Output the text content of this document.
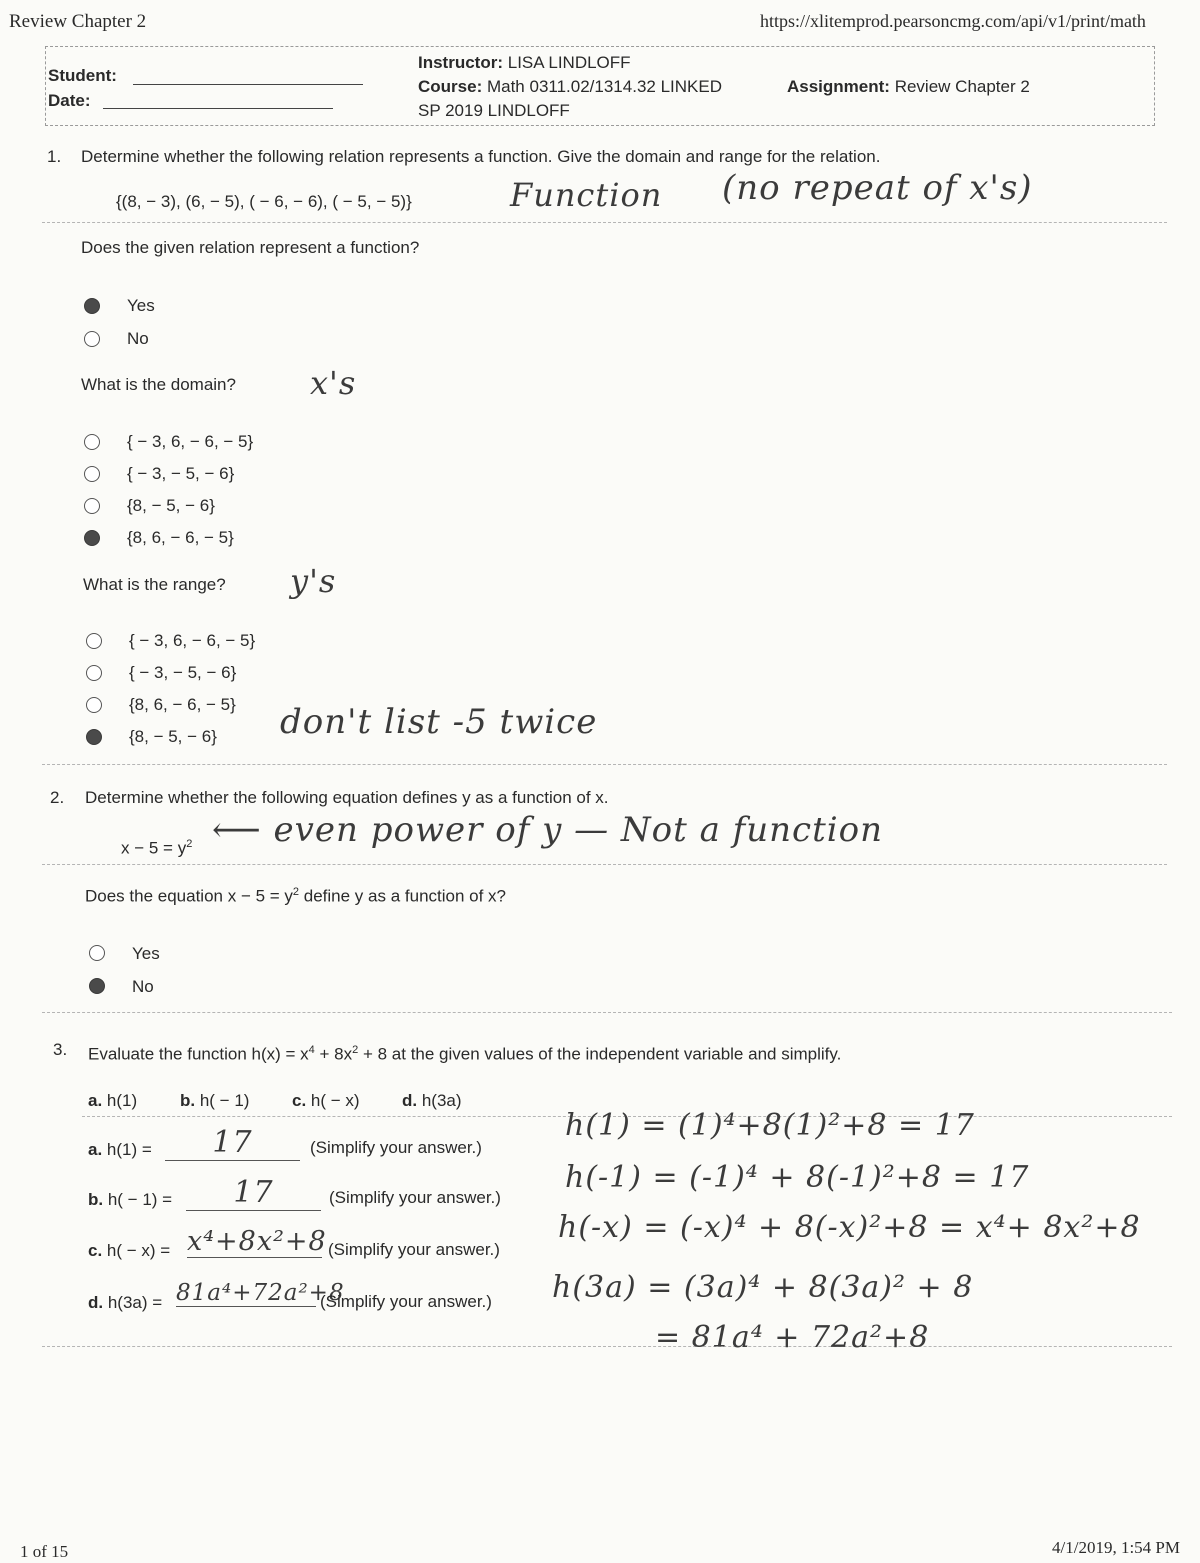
Review Chapter 2	https://xlitemprod.pearsoncmg.com/api/v1/print/math
Student:
Date:
Instructor: LISA LINDLOFF
Course: Math 0311.02/1314.32 LINKED
SP 2019 LINDLOFF
Assignment: Review Chapter 2
1. Determine whether the following relation represents a function. Give the domain and range for the relation.
{(8, − 3), (6, − 5), ( − 6, − 6), ( − 5, − 5)}	Function (no repeat of x's)
Does the given relation represent a function?
Yes
No
What is the domain? x's
{ − 3, 6, − 6, − 5}
{ − 3, − 5, − 6}
{8, − 5, − 6}
{8, 6, − 6, − 5}
What is the range? y's
{ − 3, 6, − 6, − 5}
{ − 3, − 5, − 6}
{8, 6, − 6, − 5}
{8, − 5, − 6} don't list -5 twice
2. Determine whether the following equation defines y as a function of x.
$x - 5 = y^2$ ⟵ even power of y — Not a function
Does the equation $x - 5 = y^2$ define y as a function of x?
Yes
No
3. Evaluate the function $h(x) = x^4 + 8x^2 + 8$ at the given values of the independent variable and simplify.
a. h(1)	b. h( − 1)	c. h( − x) d. h(3a)
a. h(1) =	17	(Simplify your answer.)
h(1) = (1)⁴+8(1)²+8 = 17
b. h( − 1) =	17	(Simplify your answer.)
h(-1) = (-1)⁴ + 8(-1)²+8 = 17
c. h( − x) = x⁴+8x²+8 (Simplify your answer.)
h(-x) = (-x)⁴ + 8(-x)²+8 = x⁴+ 8x²+8
d. h(3a) = 81a⁴+72a²+8
(Simplify your answer.) h(3a) = (3a)⁴ + 8(3a)² + 8
= 81a⁴ + 72a²+8
1 of 15	4/1/2019, 1:54 PM
